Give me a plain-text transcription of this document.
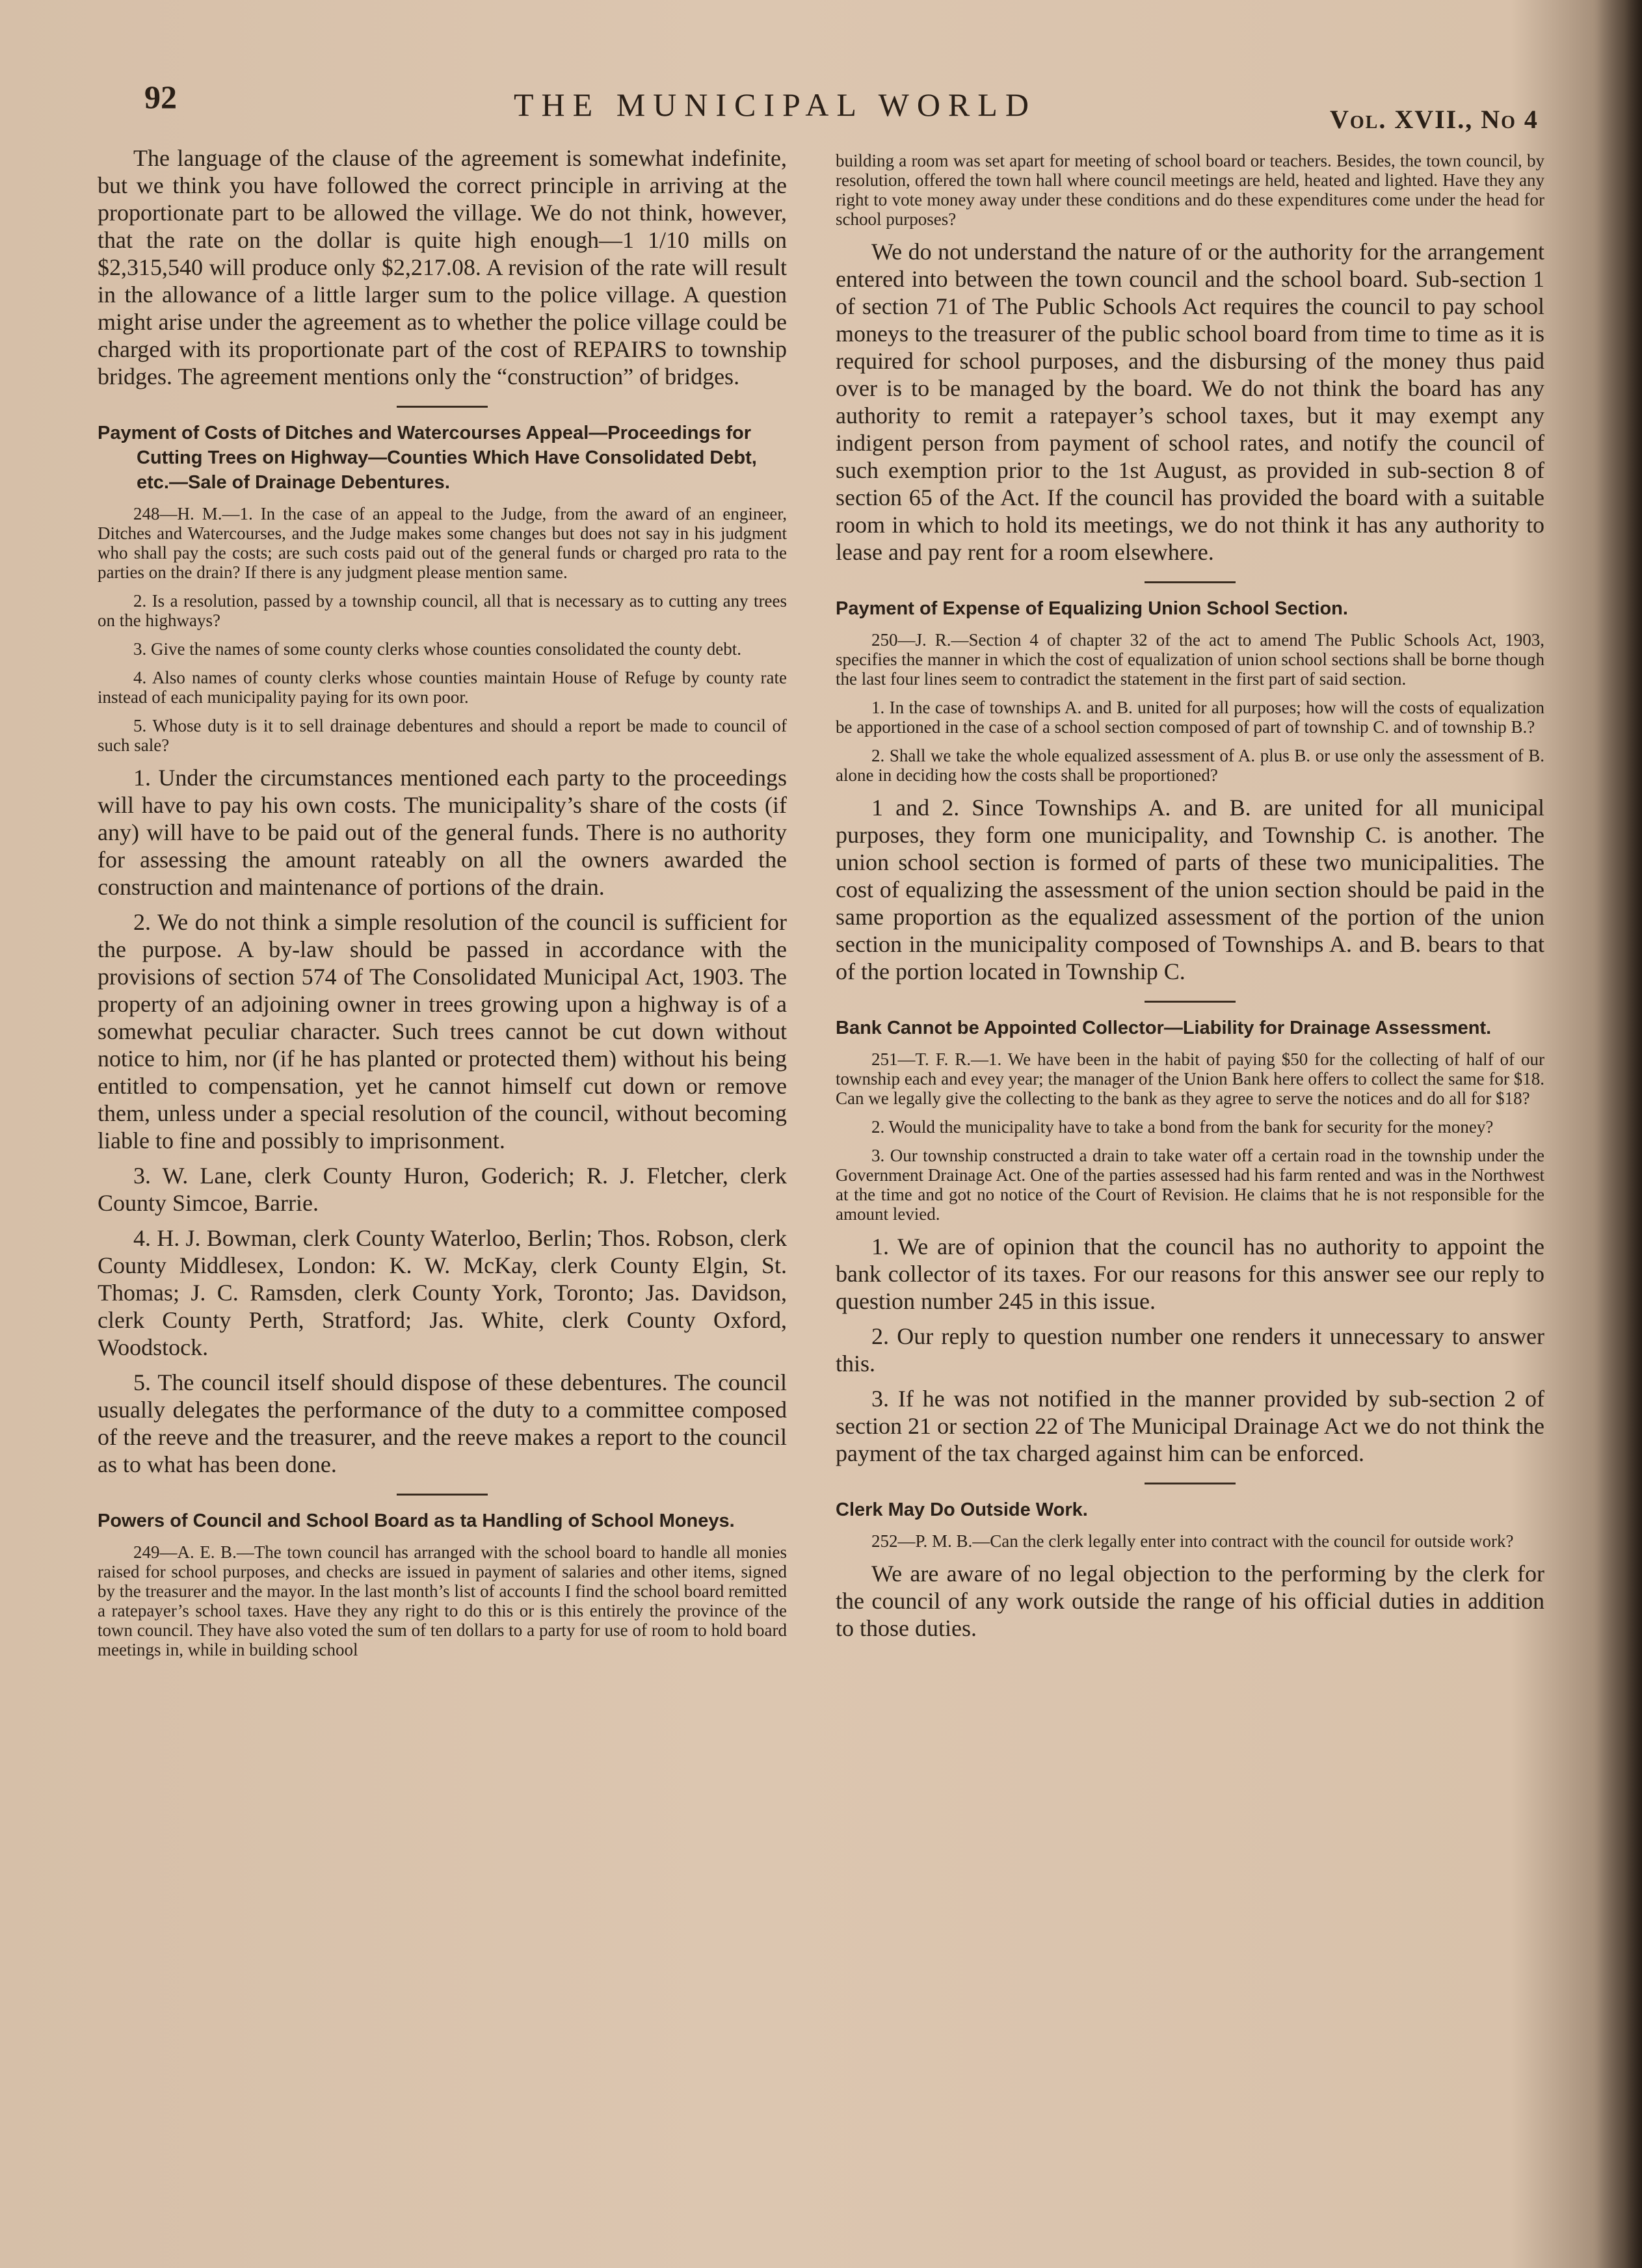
92	THE MUNICIPAL WORLD	Vol. XVII., No 4

The language of the clause of the agreement is somewhat indefinite, but we think you have followed the correct principle in arriving at the proportionate part to be allowed the village. We do not think, however, that the rate on the dollar is quite high enough—1 1/10 mills on $2,315,540 will produce only $2,217.08. A revision of the rate will result in the allowance of a little larger sum to the police village. A question might arise under the agreement as to whether the police village could be charged with its proportionate part of the cost of REPAIRS to township bridges. The agreement mentions only the “construction” of bridges.

Payment of Costs of Ditches and Watercourses Appeal—Proceedings for Cutting Trees on Highway—Counties Which Have Consolidated Debt, etc.—Sale of Drainage Debentures.

248—H. M.—1. In the case of an appeal to the Judge, from the award of an engineer, Ditches and Watercourses, and the Judge makes some changes but does not say in his judgment who shall pay the costs; are such costs paid out of the general funds or charged pro rata to the parties on the drain? If there is any judgment please mention same.

2. Is a resolution, passed by a township council, all that is necessary as to cutting any trees on the highways?

3. Give the names of some county clerks whose counties consolidated the county debt.

4. Also names of county clerks whose counties maintain House of Refuge by county rate instead of each municipality paying for its own poor.

5. Whose duty is it to sell drainage debentures and should a report be made to council of such sale?

1. Under the circumstances mentioned each party to the proceedings will have to pay his own costs. The municipality’s share of the costs (if any) will have to be paid out of the general funds. There is no authority for assessing the amount rateably on all the owners awarded the construction and maintenance of portions of the drain.

2. We do not think a simple resolution of the council is sufficient for the purpose. A by-law should be passed in accordance with the provisions of section 574 of The Consolidated Municipal Act, 1903. The property of an adjoining owner in trees growing upon a highway is of a somewhat peculiar character. Such trees cannot be cut down without notice to him, nor (if he has planted or protected them) without his being entitled to compensation, yet he cannot himself cut down or remove them, unless under a special resolution of the council, without becoming liable to fine and possibly to imprisonment.

3. W. Lane, clerk County Huron, Goderich; R. J. Fletcher, clerk County Simcoe, Barrie.

4. H. J. Bowman, clerk County Waterloo, Berlin; Thos. Robson, clerk County Middlesex, London: K. W. McKay, clerk County Elgin, St. Thomas; J. C. Ramsden, clerk County York, Toronto; Jas. Davidson, clerk County Perth, Stratford; Jas. White, clerk County Oxford, Woodstock.

5. The council itself should dispose of these debentures. The council usually delegates the performance of the duty to a committee composed of the reeve and the treasurer, and the reeve makes a report to the council as to what has been done.

Powers of Council and School Board as ta Handling of School Moneys.

249—A. E. B.—The town council has arranged with the school board to handle all monies raised for school purposes, and checks are issued in payment of salaries and other items, signed by the treasurer and the mayor. In the last month’s list of accounts I find the school board remitted a ratepayer’s school taxes. Have they any right to do this or is this entirely the province of the town council. They have also voted the sum of ten dollars to a party for use of room to hold board meetings in, while in building school

building a room was set apart for meeting of school board or teachers. Besides, the town council, by resolution, offered the town hall where council meetings are held, heated and lighted. Have they any right to vote money away under these conditions and do these expenditures come under the head for school purposes?

We do not understand the nature of or the authority for the arrangement entered into between the town council and the school board. Sub-section 1 of section 71 of The Public Schools Act requires the council to pay school moneys to the treasurer of the public school board from time to time as it is required for school purposes, and the disbursing of the money thus paid over is to be managed by the board. We do not think the board has any authority to remit a ratepayer’s school taxes, but it may exempt any indigent person from payment of school rates, and notify the council of such exemption prior to the 1st August, as provided in sub-section 8 of section 65 of the Act. If the council has provided the board with a suitable room in which to hold its meetings, we do not think it has any authority to lease and pay rent for a room elsewhere.

Payment of Expense of Equalizing Union School Section.

250—J. R.—Section 4 of chapter 32 of the act to amend The Public Schools Act, 1903, specifies the manner in which the cost of equalization of union school sections shall be borne though the last four lines seem to contradict the statement in the first part of said section.

1. In the case of townships A. and B. united for all purposes; how will the costs of equalization be apportioned in the case of a school section composed of part of township C. and of township B.?

2. Shall we take the whole equalized assessment of A. plus B. or use only the assessment of B. alone in deciding how the costs shall be proportioned?

1 and 2. Since Townships A. and B. are united for all municipal purposes, they form one municipality, and Township C. is another. The union school section is formed of parts of these two municipalities. The cost of equalizing the assessment of the union section should be paid in the same proportion as the equalized assessment of the portion of the union section in the municipality composed of Townships A. and B. bears to that of the portion located in Township C.

Bank Cannot be Appointed Collector—Liability for Drainage Assessment.

251—T. F. R.—1. We have been in the habit of paying $50 for the collecting of half of our township each and evey year; the manager of the Union Bank here offers to collect the same for $18. Can we legally give the collecting to the bank as they agree to serve the notices and do all for $18?

2. Would the municipality have to take a bond from the bank for security for the money?

3. Our township constructed a drain to take water off a certain road in the township under the Government Drainage Act. One of the parties assessed had his farm rented and was in the Northwest at the time and got no notice of the Court of Revision. He claims that he is not responsible for the amount levied.

1. We are of opinion that the council has no authority to appoint the bank collector of its taxes. For our reasons for this answer see our reply to question number 245 in this issue.

2. Our reply to question number one renders it unnecessary to answer this.

3. If he was not notified in the manner provided by sub-section 2 of section 21 or section 22 of The Municipal Drainage Act we do not think the payment of the tax charged against him can be enforced.

Clerk May Do Outside Work.

252—P. M. B.—Can the clerk legally enter into contract with the council for outside work?

We are aware of no legal objection to the performing by the clerk for the council of any work outside the range of his official duties in addition to those duties.
